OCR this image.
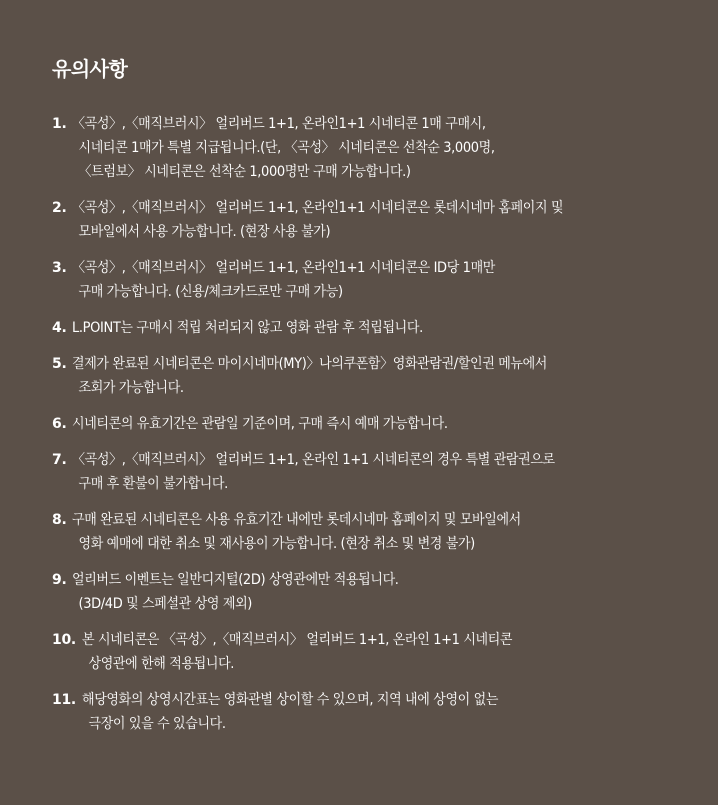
유의사항
1. 〈곡성〉,〈매직브러시〉 얼리버드 1+1, 온라인1+1 시네티콘 1매 구매시,
시네티콘 1매가 특별 지급됩니다.(단, 〈곡성〉 시네티콘은 선착순 3,000명,
〈트럼보〉 시네티콘은 선착순 1,000명만 구매 가능합니다.)
2. 〈곡성〉,〈매직브러시〉 얼리버드 1+1, 온라인1+1 시네티콘은 롯데시네마 홈페이지 및
모바일에서 사용 가능합니다. (현장 사용 불가)
3. 〈곡성〉,〈매직브러시〉 얼리버드 1+1, 온라인1+1 시네티콘은 ID당 1매만
구매 가능합니다. (신용/체크카드로만 구매 가능)
4. L.POINT는 구매시 적립 처리되지 않고 영화 관람 후 적립됩니다.
5. 결제가 완료된 시네티콘은 마이시네마(MY)〉나의쿠폰함〉영화관람권/할인권 메뉴에서
조회가 가능합니다.
6. 시네티콘의 유효기간은 관람일 기준이며, 구매 즉시 예매 가능합니다.
7. 〈곡성〉,〈매직브러시〉 얼리버드 1+1, 온라인 1+1 시네티콘의 경우 특별 관람권으로
구매 후 환불이 불가합니다.
8. 구매 완료된 시네티콘은 사용 유효기간 내에만 롯데시네마 홈페이지 및 모바일에서
영화 예매에 대한 취소 및 재사용이 가능합니다. (현장 취소 및 변경 불가)
9. 얼리버드 이벤트는 일반디지털(2D) 상영관에만 적용됩니다.
(3D/4D 및 스페셜관 상영 제외)
10. 본 시네티콘은 〈곡성〉,〈매직브러시〉 얼리버드 1+1, 온라인 1+1 시네티콘
상영관에 한해 적용됩니다.
11. 해당영화의 상영시간표는 영화관별 상이할 수 있으며, 지역 내에 상영이 없는
극장이 있을 수 있습니다.
